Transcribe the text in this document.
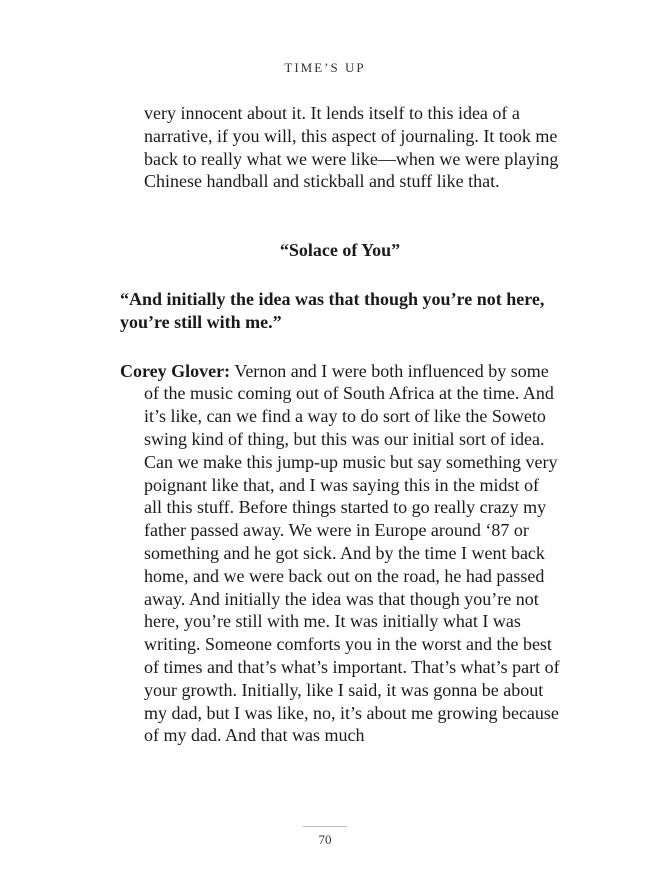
TIME’S UP

very innocent about it. It lends itself to this idea of a narrative, if you will, this aspect of journaling. It took me back to really what we were like—when we were playing Chinese handball and stickball and stuff like that.

“Solace of You”
“And initially the idea was that though you’re not here, you’re still with me.”

Corey Glover: Vernon and I were both influenced by some of the music coming out of South Africa at the time. And it’s like, can we find a way to do sort of like the Soweto swing kind of thing, but this was our initial sort of idea. Can we make this jump-up music but say something very poignant like that, and I was saying this in the midst of all this stuff. Before things started to go really crazy my father passed away. We were in Europe around ‘87 or something and he got sick. And by the time I went back home, and we were back out on the road, he had passed away. And initially the idea was that though you’re not here, you’re still with me. It was initially what I was writing. Someone comforts you in the worst and the best of times and that’s what’s important. That’s what’s part of your growth. Initially, like I said, it was gonna be about my dad, but I was like, no, it’s about me growing because of my dad. And that was much

70
